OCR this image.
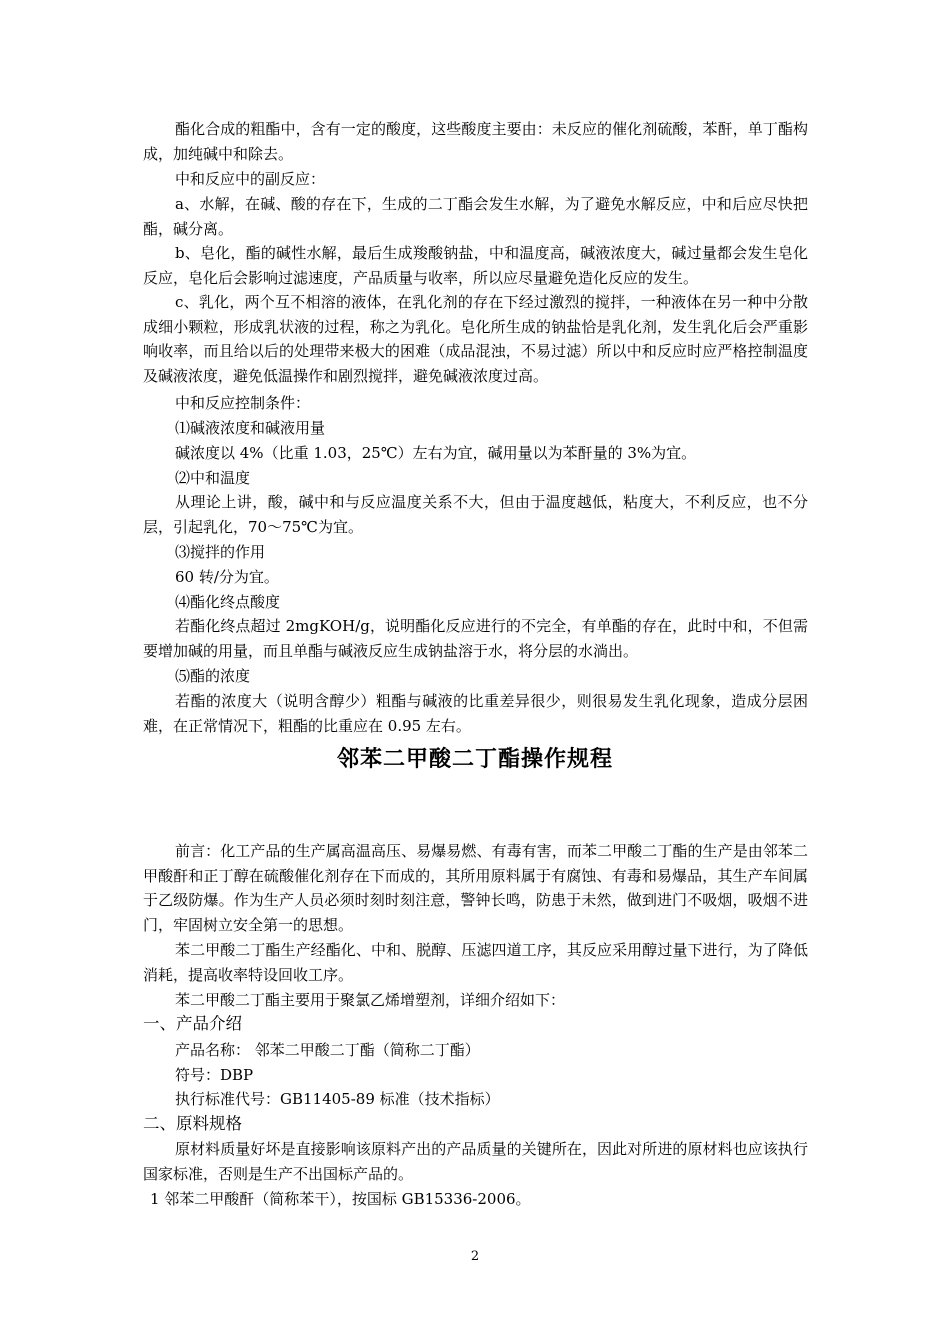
酯化合成的粗酯中，含有一定的酸度，这些酸度主要由：未反应的催化剂硫酸，苯酐，单丁酯构成，加纯碱中和除去。

中和反应中的副反应：

a、水解，在碱、酸的存在下，生成的二丁酯会发生水解，为了避免水解反应，中和后应尽快把酯，碱分离。

b、皂化，酯的碱性水解，最后生成羧酸钠盐，中和温度高，碱液浓度大，碱过量都会发生皂化反应，皂化后会影响过滤速度，产品质量与收率，所以应尽量避免造化反应的发生。

c、乳化，两个互不相溶的液体，在乳化剂的存在下经过激烈的搅拌，一种液体在另一种中分散成细小颗粒，形成乳状液的过程，称之为乳化。皂化所生成的钠盐恰是乳化剂，发生乳化后会严重影响收率，而且给以后的处理带来极大的困难（成品混浊，不易过滤）所以中和反应时应严格控制温度及碱液浓度，避免低温操作和剧烈搅拌，避免碱液浓度过高。

中和反应控制条件：

⑴碱液浓度和碱液用量

碱浓度以 4%（比重 1.03，25℃）左右为宜，碱用量以为苯酐量的 3%为宜。

⑵中和温度

从理论上讲，酸，碱中和与反应温度关系不大，但由于温度越低，粘度大，不利反应，也不分层，引起乳化，70～75℃为宜。

⑶搅拌的作用

60 转/分为宜。

⑷酯化终点酸度

若酯化终点超过 2mgKOH/g，说明酯化反应进行的不完全，有单酯的存在，此时中和，不但需要增加碱的用量，而且单酯与碱液反应生成钠盐溶于水，将分层的水淌出。

⑸酯的浓度

若酯的浓度大（说明含醇少）粗酯与碱液的比重差异很少，则很易发生乳化现象，造成分层困难，在正常情况下，粗酯的比重应在 0.95 左右。

邻苯二甲酸二丁酯操作规程

前言：化工产品的生产属高温高压、易爆易燃、有毒有害，而苯二甲酸二丁酯的生产是由邻苯二甲酸酐和正丁醇在硫酸催化剂存在下而成的，其所用原料属于有腐蚀、有毒和易爆品，其生产车间属于乙级防爆。作为生产人员必须时刻时刻注意，警钟长鸣，防患于未然，做到进门不吸烟，吸烟不进门，牢固树立安全第一的思想。

苯二甲酸二丁酯生产经酯化、中和、脱醇、压滤四道工序，其反应采用醇过量下进行，为了降低消耗，提高收率特设回收工序。

苯二甲酸二丁酯主要用于聚氯乙烯增塑剂，详细介绍如下：

一、产品介绍

产品名称： 邻苯二甲酸二丁酯（简称二丁酯）

符号：DBP

执行标准代号：GB11405-89 标准（技术指标）

二、原料规格

原材料质量好坏是直接影响该原料产出的产品质量的关键所在，因此对所进的原材料也应该执行国家标准，否则是生产不出国标产品的。

1 邻苯二甲酸酐（简称苯干），按国标 GB15336-2006。

2
